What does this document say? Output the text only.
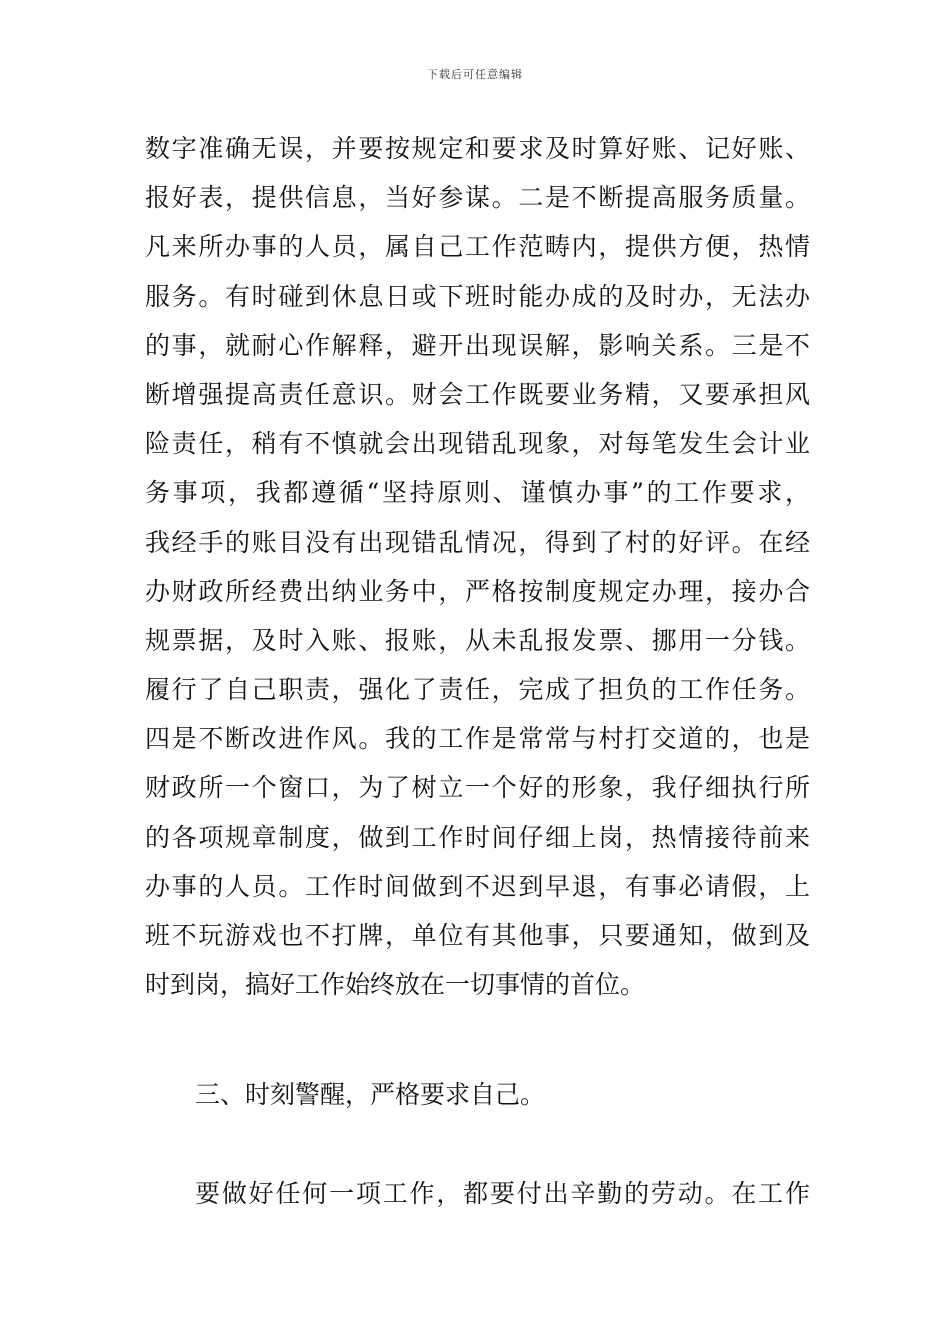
下载后可任意编辑
数字准确无误，并要按规定和要求及时算好账、记好账、
报好表，提供信息，当好参谋。二是不断提高服务质量。
凡来所办事的人员，属自己工作范畴内，提供方便，热情
服务。有时碰到休息日或下班时能办成的及时办，无法办
的事，就耐心作解释，避开出现误解，影响关系。三是不
断增强提高责任意识。财会工作既要业务精，又要承担风
险责任，稍有不慎就会出现错乱现象，对每笔发生会计业
务事项，我都遵循“坚持原则、谨慎办事”的工作要求，
我经手的账目没有出现错乱情况，得到了村的好评。在经
办财政所经费出纳业务中，严格按制度规定办理，接办合
规票据，及时入账、报账，从未乱报发票、挪用一分钱。
履行了自己职责，强化了责任，完成了担负的工作任务。
四是不断改进作风。我的工作是常常与村打交道的，也是
财政所一个窗口，为了树立一个好的形象，我仔细执行所
的各项规章制度，做到工作时间仔细上岗，热情接待前来
办事的人员。工作时间做到不迟到早退，有事必请假，上
班不玩游戏也不打牌，单位有其他事，只要通知，做到及
时到岗，搞好工作始终放在一切事情的首位。
三、时刻警醒，严格要求自己。
要做好任何一项工作，都要付出辛勤的劳动。在工作
